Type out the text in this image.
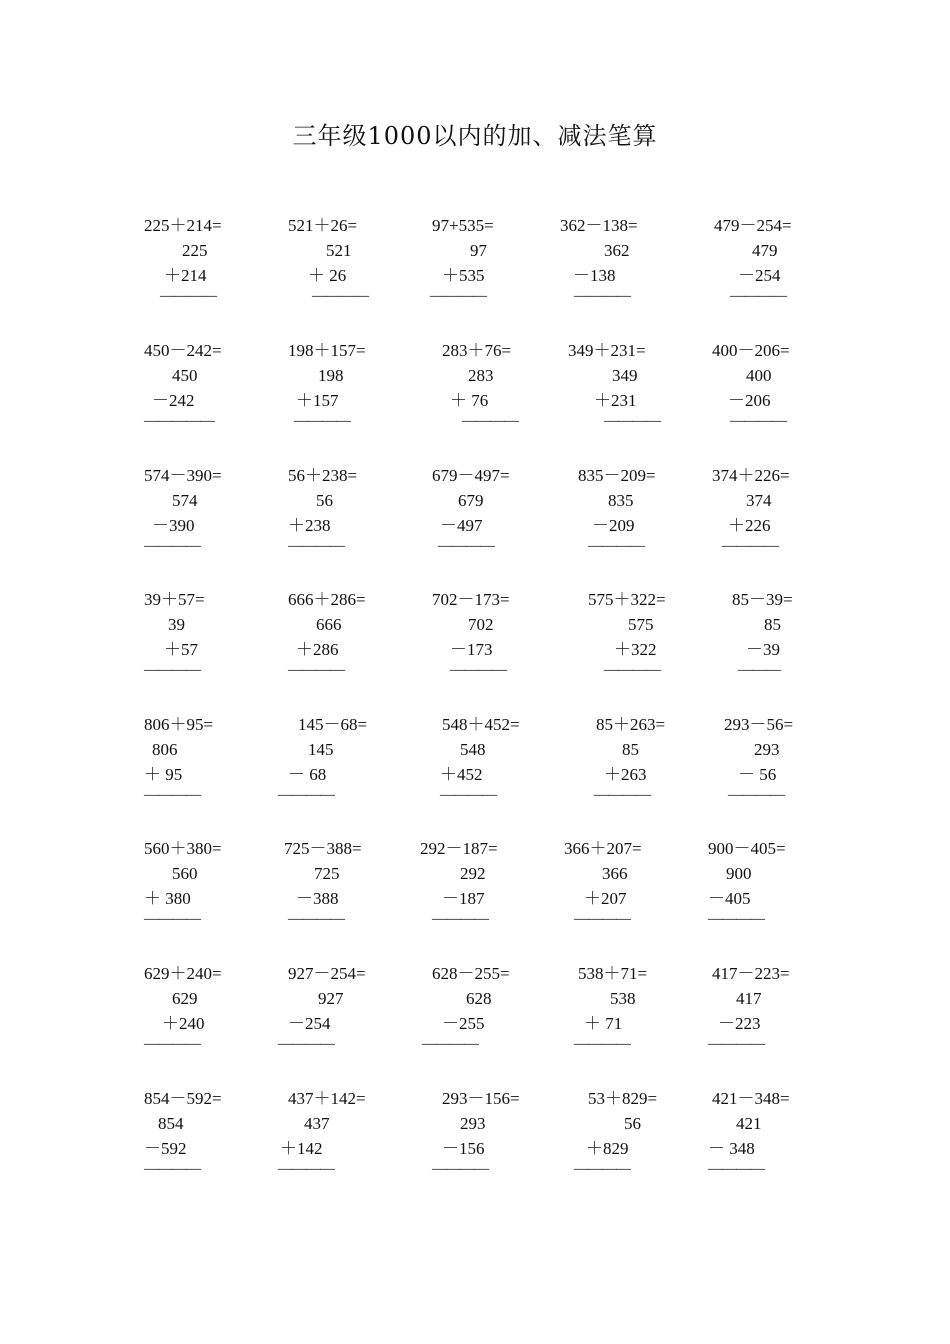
三年级1000以内的加、减法笔算
225＋214=
225
＋214
————
521＋26=
521
＋ 26
————
97+535=
97
＋535
————
362－138=
362
－138
————
479－254=
479
－254
————
450－242=
450
－242
—————
198＋157=
198
＋157
————
283＋76=
283
＋ 76
————
349＋231=
349
＋231
————
400－206=
400
－206
————
574－390=
574
－390
————
56＋238=
56
＋238
————
679－497=
679
－497
————
835－209=
835
－209
————
374＋226=
374
＋226
————
39＋57=
39
＋57
————
666＋286=
666
＋286
————
702－173=
702
－173
————
575＋322=
575
＋322
————
85－39=
85
－39
———
806＋95=
806
＋ 95
————
145－68=
145
－ 68
————
548＋452=
548
＋452
————
85＋263=
85
＋263
————
293－56=
293
－ 56
————
560＋380=
560
＋ 380
————
725－388=
725
－388
————
292－187=
292
－187
————
366＋207=
366
＋207
————
900－405=
900
－405
————
629＋240=
629
＋240
————
927－254=
927
－254
————
628－255=
628
－255
————
538＋71=
538
＋ 71
————
417－223=
417
－223
————
854－592=
854
－592
————
437＋142=
437
＋142
————
293－156=
293
－156
————
53＋829=
56
＋829
————
421－348=
421
－ 348
————
